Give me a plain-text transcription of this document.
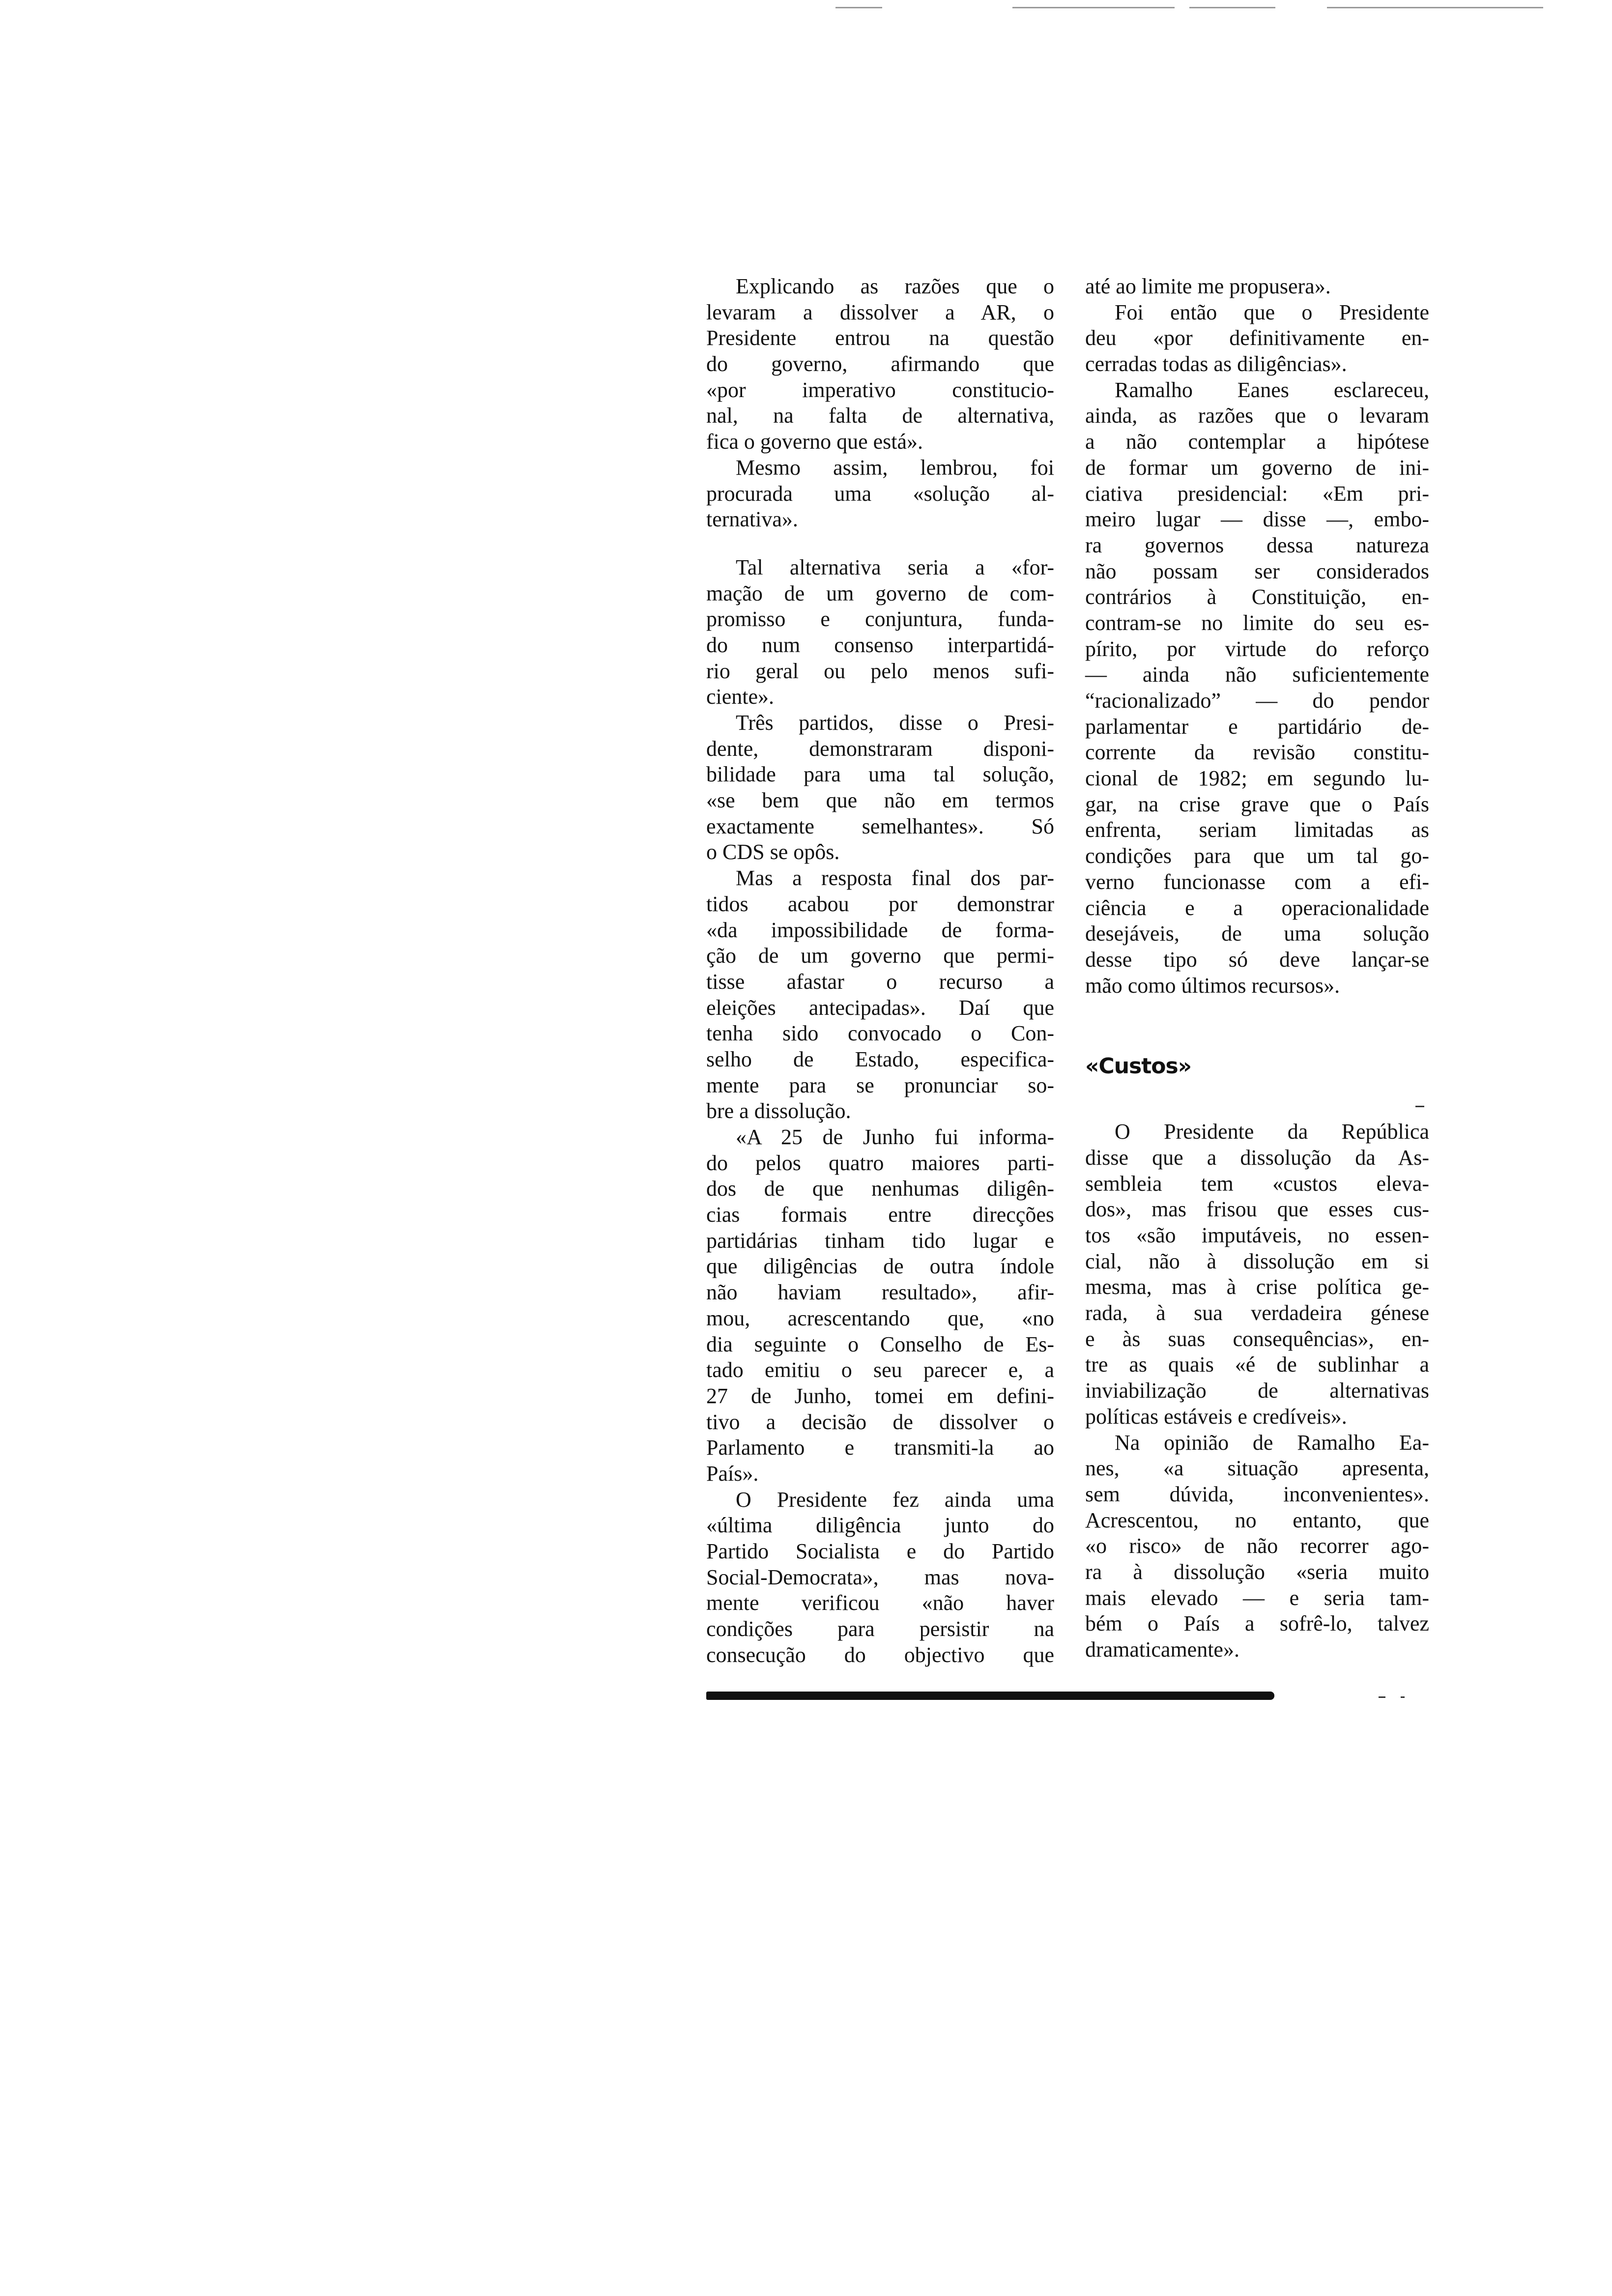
Explicando as razões que o
levaram a dissolver a AR, o
Presidente entrou na questão
do governo, afirmando que
«por imperativo constitucio-
nal, na falta de alternativa,
fica o governo que está».
Mesmo assim, lembrou, foi
procurada uma «solução al-
ternativa».
Tal alternativa seria a «for-
mação de um governo de com-
promisso e conjuntura, funda-
do num consenso interpartidá-
rio geral ou pelo menos sufi-
ciente».
Três partidos, disse o Presi-
dente, demonstraram disponi-
bilidade para uma tal solução,
«se bem que não em termos
exactamente semelhantes». Só
o CDS se opôs.
Mas a resposta final dos par-
tidos acabou por demonstrar
«da impossibilidade de forma-
ção de um governo que permi-
tisse afastar o recurso a
eleições antecipadas». Daí que
tenha sido convocado o Con-
selho de Estado, especifica-
mente para se pronunciar so-
bre a dissolução.
«A 25 de Junho fui informa-
do pelos quatro maiores parti-
dos de que nenhumas diligên-
cias formais entre direcções
partidárias tinham tido lugar e
que diligências de outra índole
não haviam resultado», afir-
mou, acrescentando que, «no
dia seguinte o Conselho de Es-
tado emitiu o seu parecer e, a
27 de Junho, tomei em defini-
tivo a decisão de dissolver o
Parlamento e transmiti-la ao
País».
O Presidente fez ainda uma
«última diligência junto do
Partido Socialista e do Partido
Social-Democrata», mas nova-
mente verificou «não haver
condições para persistir na
consecução do objectivo que
até ao limite me propusera».
Foi então que o Presidente
deu «por definitivamente en-
cerradas todas as diligências».
Ramalho Eanes esclareceu,
ainda, as razões que o levaram
a não contemplar a hipótese
de formar um governo de ini-
ciativa presidencial: «Em pri-
meiro lugar — disse —, embo-
ra governos dessa natureza
não possam ser considerados
contrários à Constituição, en-
contram-se no limite do seu es-
pírito, por virtude do reforço
— ainda não suficientemente
“racionalizado” — do pendor
parlamentar e partidário de-
corrente da revisão constitu-
cional de 1982; em segundo lu-
gar, na crise grave que o País
enfrenta, seriam limitadas as
condições para que um tal go-
verno funcionasse com a efi-
ciência e a operacionalidade
desejáveis, de uma solução
desse tipo só deve lançar-se
mão como últimos recursos».
«Custos»
O Presidente da República
disse que a dissolução da As-
sembleia tem «custos eleva-
dos», mas frisou que esses cus-
tos «são imputáveis, no essen-
cial, não à dissolução em si
mesma, mas à crise política ge-
rada, à sua verdadeira génese
e às suas consequências», en-
tre as quais «é de sublinhar a
inviabilização de alternativas
políticas estáveis e credíveis».
Na opinião de Ramalho Ea-
nes, «a situação apresenta,
sem dúvida, inconvenientes».
Acrescentou, no entanto, que
«o risco» de não recorrer ago-
ra à dissolução «seria muito
mais elevado — e seria tam-
bém o País a sofrê-lo, talvez
dramaticamente».
